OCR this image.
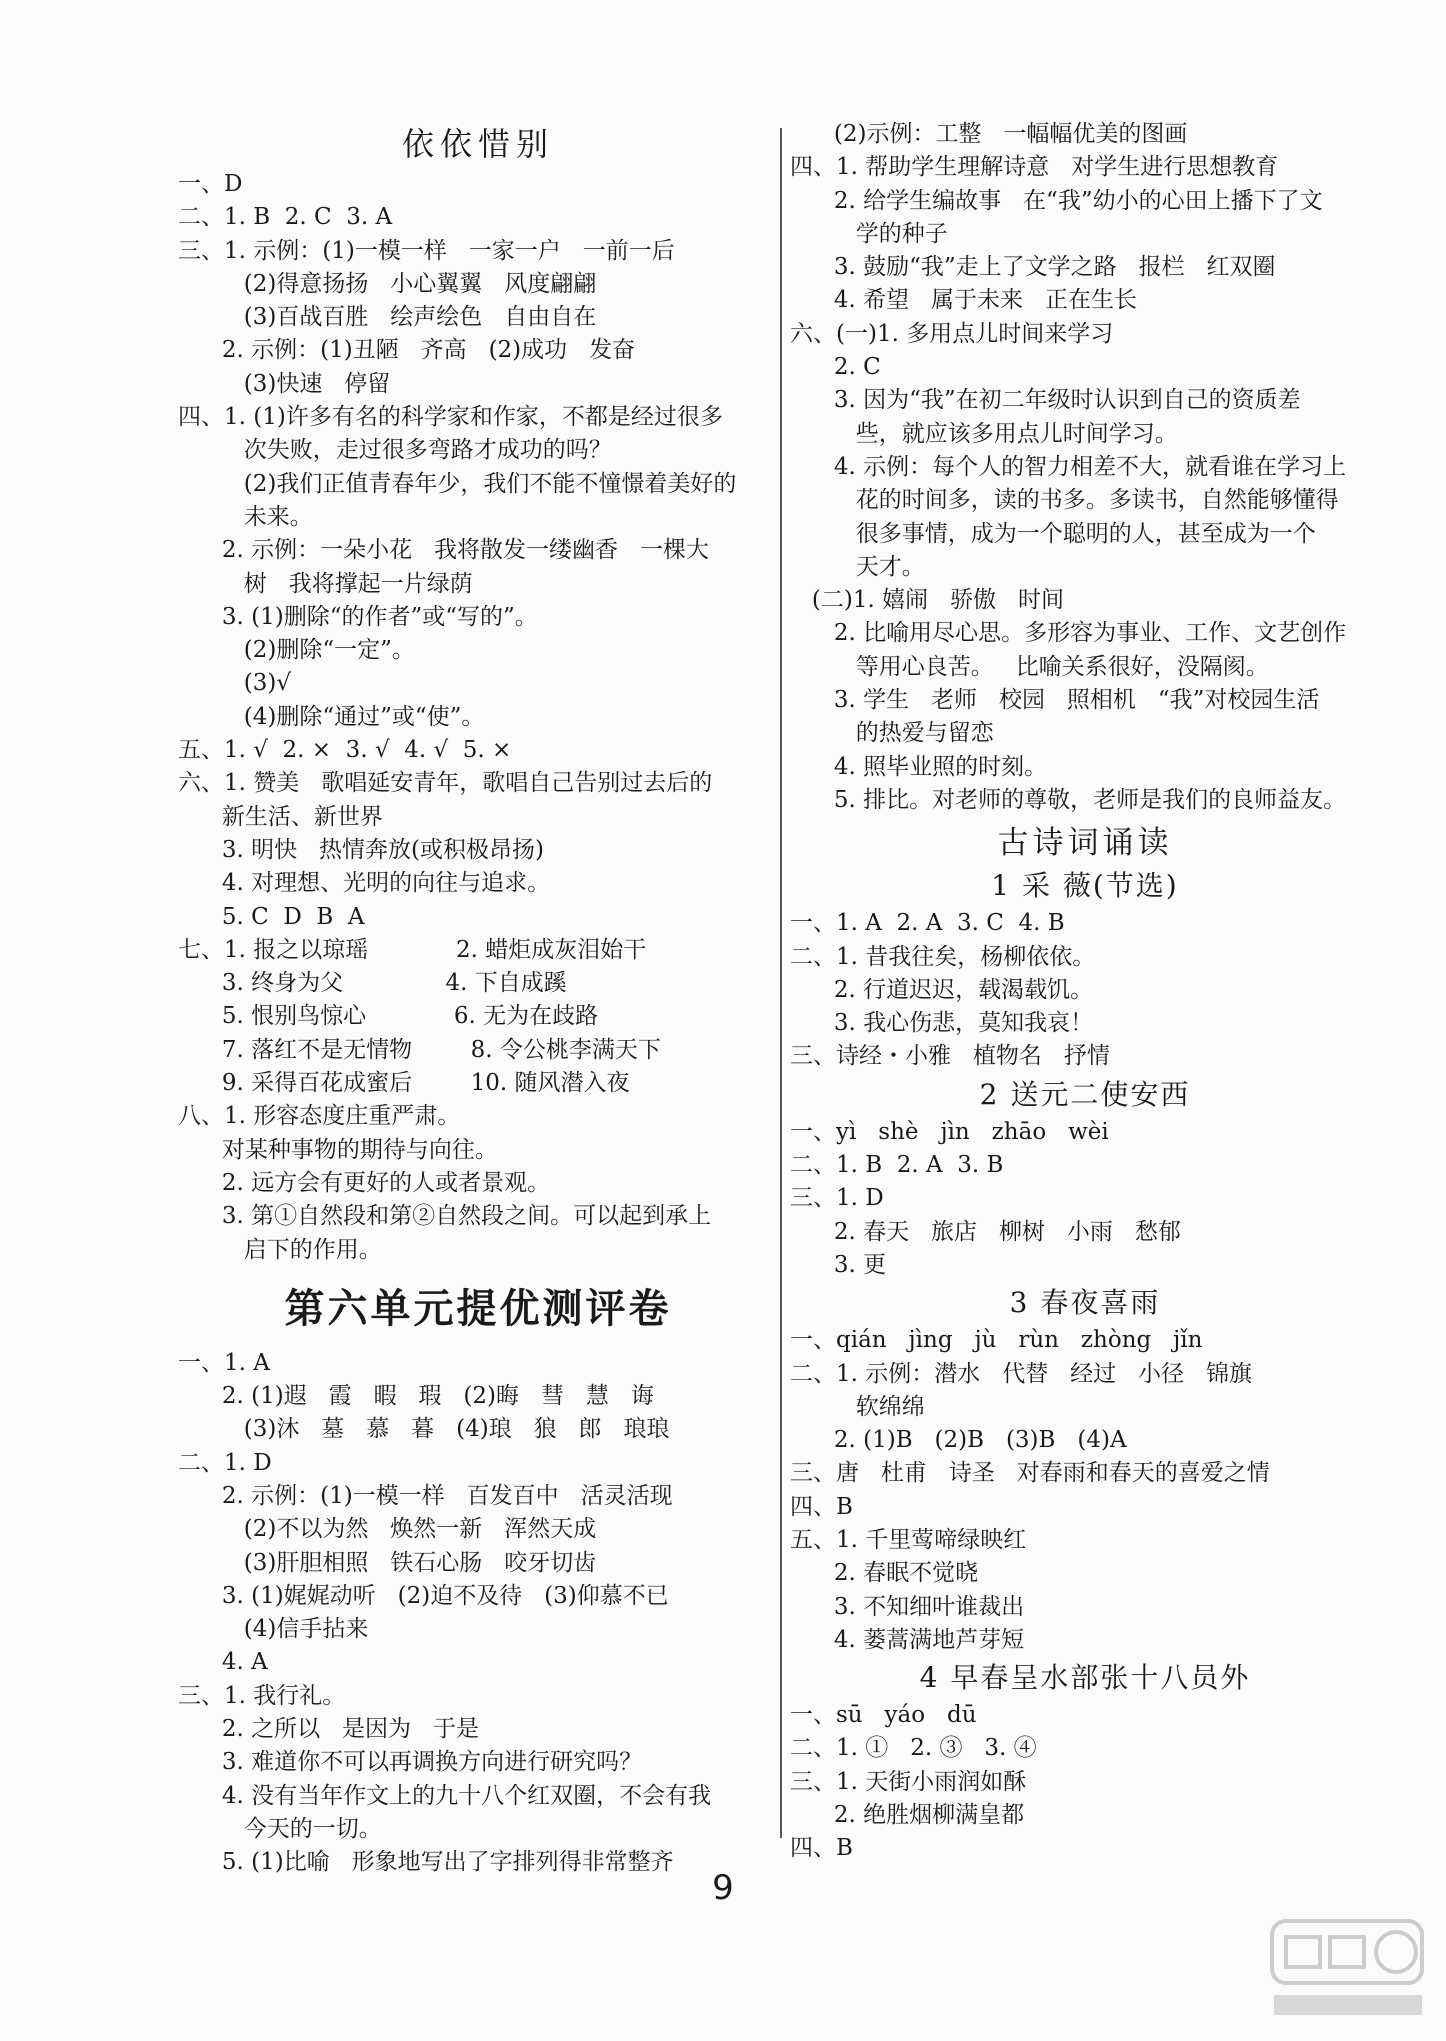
依依惜别
一、D
二、1. B  2. C  3. A
三、1. 示例：(1)一模一样   一家一户   一前一后
(2)得意扬扬   小心翼翼   风度翩翩
(3)百战百胜   绘声绘色   自由自在
2. 示例：(1)丑陋   齐高   (2)成功   发奋
(3)快速   停留
四、1. (1)许多有名的科学家和作家，不都是经过很多
次失败，走过很多弯路才成功的吗？
(2)我们正值青春年少，我们不能不憧憬着美好的
未来。
2. 示例：一朵小花   我将散发一缕幽香   一棵大
树   我将撑起一片绿荫
3. (1)删除“的作者”或“写的”。
(2)删除“一定”。
(3)√
(4)删除“通过”或“使”。
五、1. √  2. ×  3. √  4. √  5. ×
六、1. 赞美   歌唱延安青年，歌唱自己告别过去后的
新生活、新世界
3. 明快   热情奔放(或积极昂扬)
4. 对理想、光明的向往与追求。
5. C  D  B  A
七、1. 报之以琼瑶            2. 蜡炬成灰泪始干
3. 终身为父              4. 下自成蹊
5. 恨别鸟惊心            6. 无为在歧路
7. 落红不是无情物        8. 令公桃李满天下
9. 采得百花成蜜后        10. 随风潜入夜
八、1. 形容态度庄重严肃。
对某种事物的期待与向往。
2. 远方会有更好的人或者景观。
3. 第①自然段和第②自然段之间。可以起到承上
启下的作用。
第六单元提优测评卷
一、1. A
2. (1)遐   霞   暇   瑕   (2)晦   彗   慧   诲
(3)沐   墓   慕   暮   (4)琅   狼   郎   琅琅
二、1. D
2. 示例：(1)一模一样   百发百中   活灵活现
(2)不以为然   焕然一新   浑然天成
(3)肝胆相照   铁石心肠   咬牙切齿
3. (1)娓娓动听   (2)迫不及待   (3)仰慕不已
(4)信手拈来
4. A
三、1. 我行礼。
2. 之所以   是因为   于是
3. 难道你不可以再调换方向进行研究吗？
4. 没有当年作文上的九十八个红双圈，不会有我
今天的一切。
5. (1)比喻   形象地写出了字排列得非常整齐
(2)示例：工整   一幅幅优美的图画
四、1. 帮助学生理解诗意   对学生进行思想教育
2. 给学生编故事   在“我”幼小的心田上播下了文
学的种子
3. 鼓励“我”走上了文学之路   报栏   红双圈
4. 希望   属于未来   正在生长
六、(一)1. 多用点儿时间来学习
2. C
3. 因为“我”在初二年级时认识到自己的资质差
些，就应该多用点儿时间学习。
4. 示例：每个人的智力相差不大，就看谁在学习上
花的时间多，读的书多。多读书，自然能够懂得
很多事情，成为一个聪明的人，甚至成为一个
天才。
(二)1. 嬉闹   骄傲   时间
2. 比喻用尽心思。多形容为事业、工作、文艺创作
等用心良苦。   比喻关系很好，没隔阂。
3. 学生   老师   校园   照相机   “我”对校园生活
的热爱与留恋
4. 照毕业照的时刻。
5. 排比。对老师的尊敬，老师是我们的良师益友。
古诗词诵读
1 采 薇(节选)
一、1. A  2. A  3. C  4. B
二、1. 昔我往矣，杨柳依依。
2. 行道迟迟，载渴载饥。
3. 我心伤悲，莫知我哀！
三、诗经・小雅   植物名   抒情
2 送元二使安西
一、yì   shè   jìn   zhāo   wèi
二、1. B  2. A  3. B
三、1. D
2. 春天   旅店   柳树   小雨   愁郁
3. 更
3 春夜喜雨
一、qián   jìng   jù   rùn   zhòng   jǐn
二、1. 示例：潜水   代替   经过   小径   锦旗
软绵绵
2. (1)B   (2)B   (3)B   (4)A
三、唐   杜甫   诗圣   对春雨和春天的喜爱之情
四、B
五、1. 千里莺啼绿映红
2. 春眠不觉晓
3. 不知细叶谁裁出
4. 蒌蒿满地芦芽短
4 早春呈水部张十八员外
一、sū   yáo   dū
二、1. ①   2. ③   3. ④
三、1. 天街小雨润如酥
2. 绝胜烟柳满皇都
四、B
9
